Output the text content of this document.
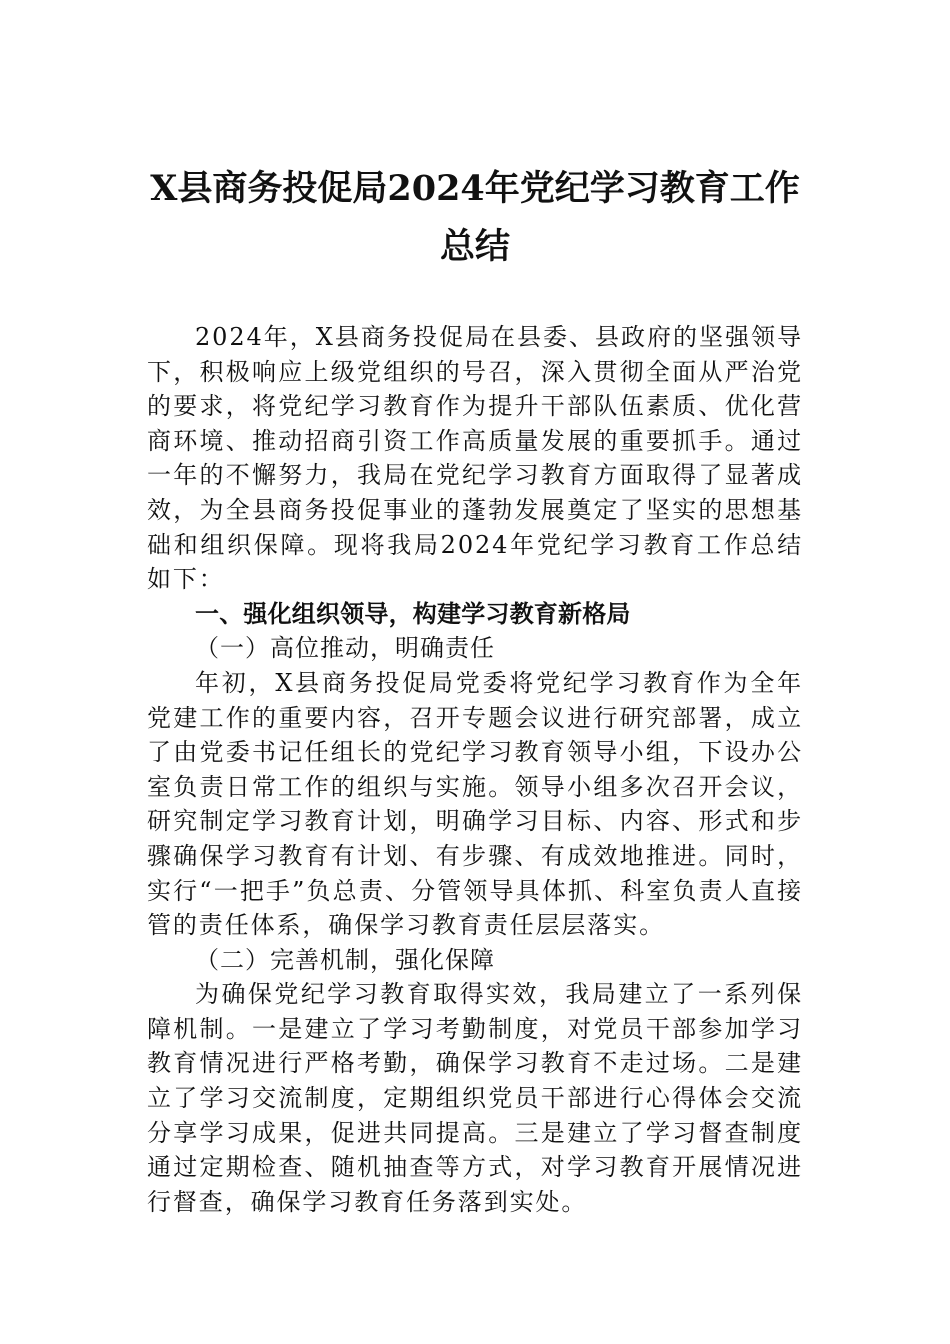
X县商务投促局2024年党纪学习教育工作
总结

2024年，X县商务投促局在县委、县政府的坚强领导下，积极响应上级党组织的号召，深入贯彻全面从严治党的要求，将党纪学习教育作为提升干部队伍素质、优化营商环境、推动招商引资工作高质量发展的重要抓手。通过一年的不懈努力，我局在党纪学习教育方面取得了显著成效，为全县商务投促事业的蓬勃发展奠定了坚实的思想基础和组织保障。现将我局2024年党纪学习教育工作总结如下：

一、强化组织领导，构建学习教育新格局

（一）高位推动，明确责任

年初，X县商务投促局党委将党纪学习教育作为全年党建工作的重要内容，召开专题会议进行研究部署，成立了由党委书记任组长的党纪学习教育领导小组，下设办公室负责日常工作的组织与实施。领导小组多次召开会议，研究制定学习教育计划，明确学习目标、内容、形式和步骤确保学习教育有计划、有步骤、有成效地推进。同时，实行“一把手”负总责、分管领导具体抓、科室负责人直接管的责任体系，确保学习教育责任层层落实。

（二）完善机制，强化保障

为确保党纪学习教育取得实效，我局建立了一系列保障机制。一是建立了学习考勤制度，对党员干部参加学习教育情况进行严格考勤，确保学习教育不走过场。二是建立了学习交流制度，定期组织党员干部进行心得体会交流分享学习成果，促进共同提高。三是建立了学习督查制度通过定期检查、随机抽查等方式，对学习教育开展情况进行督查，确保学习教育任务落到实处。
